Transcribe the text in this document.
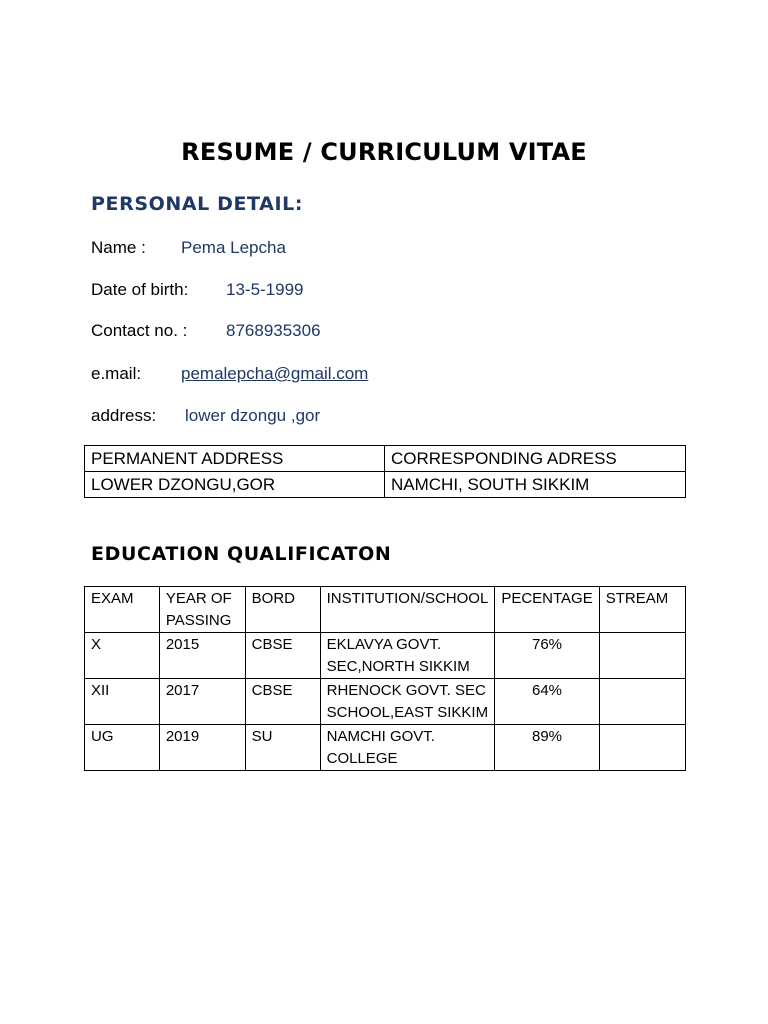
RESUME / CURRICULUM VITAE
PERSONAL DETAIL:
Name : Pema Lepcha
Date of birth: 13-5-1999
Contact no. : 8768935306
e.mail: pemalepcha@gmail.com
address: lower dzongu ,gor
PERMANENT ADDRESS	CORRESPONDING ADRESS
LOWER DZONGU,GOR	NAMCHI, SOUTH SIKKIM
EDUCATION QUALIFICATON
EXAM	YEAR OF PASSING	BORD	INSTITUTION/SCHOOL	PECENTAGE	STREAM
X	2015	CBSE	EKLAVYA GOVT. SEC,NORTH SIKKIM	76%	
XII	2017	CBSE	RHENOCK GOVT. SEC SCHOOL,EAST SIKKIM	64%	
UG	2019	SU	NAMCHI GOVT. COLLEGE	89%	
